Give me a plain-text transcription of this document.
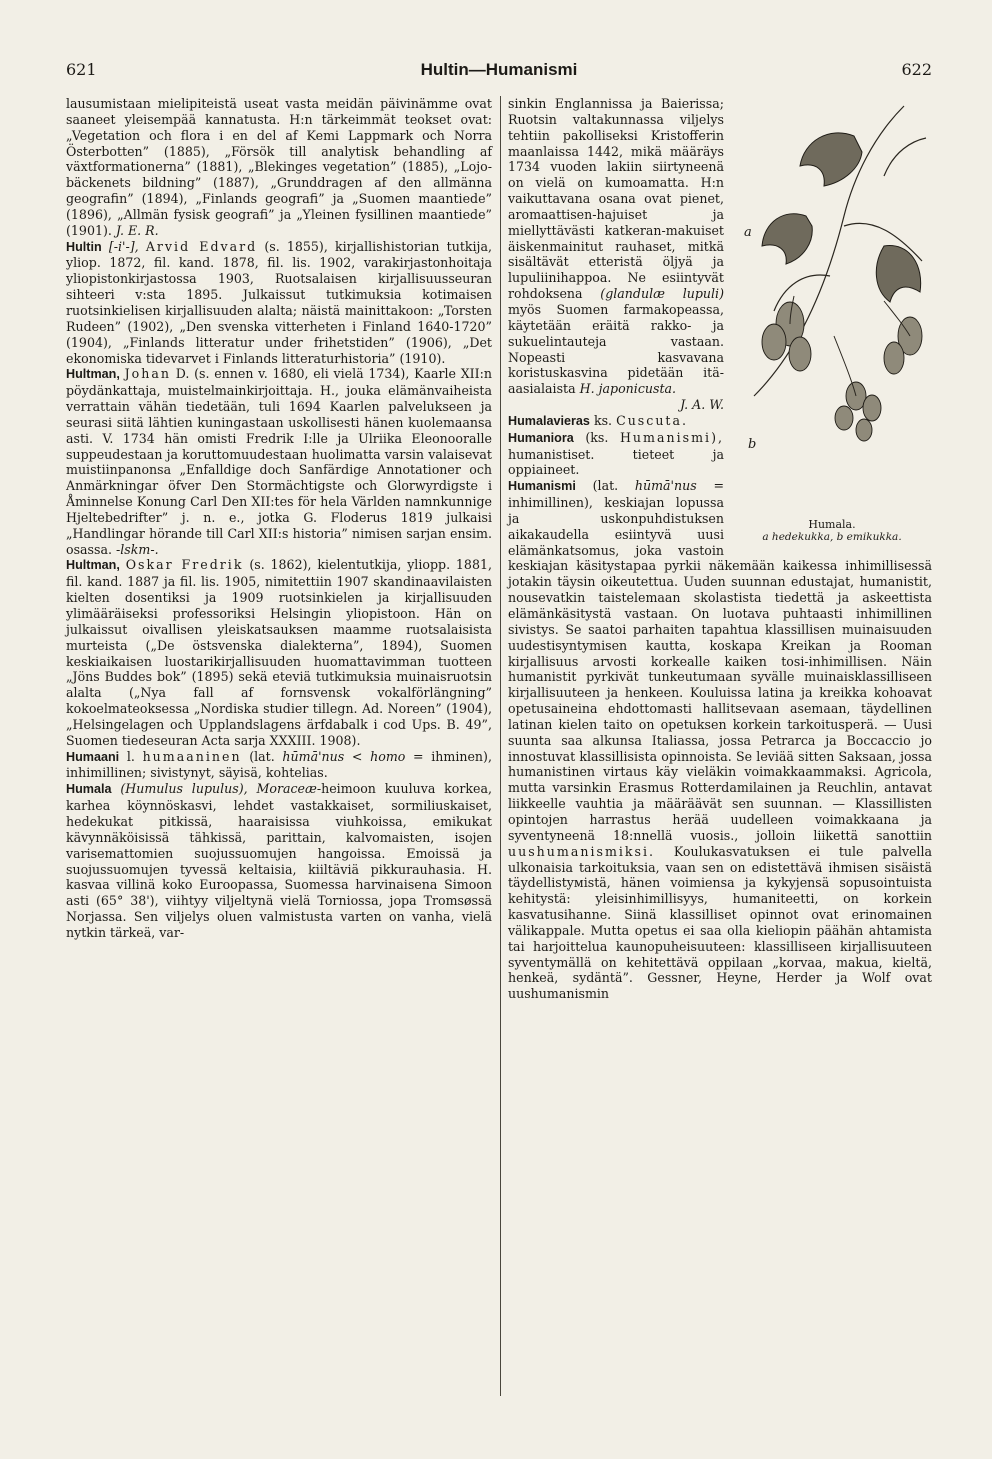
621	Hultin—Humanismi	622

lausumistaan mielipiteistä useat vasta meidän päivinämme ovat saaneet yleisempää kannatusta. H:n tärkeimmät teokset ovat: „Vegetation och flora i en del af Kemi Lappmark och Norra Österbotten” (1885), „Försök till analytisk behandling af växtformationerna” (1881), „Blekinges vegetation” (1885), „Lojo-bäckenets bildning” (1887), „Grunddragen af den allmänna geografin” (1894), „Finlands geografi” ja „Suomen maantiede” (1896), „Allmän fysisk geografi” ja „Yleinen fysillinen maantiede” (1901). J. E. R.

Hultin [-i'-], Arvid Edvard (s. 1855), kirjallishistorian tutkija, ylioр. 1872, fil. kand. 1878, fil. lis. 1902, varakirjastonhoitaja yliopistonkirjastossa 1903, Ruotsalaisen kirjallisuusseuran sihteeri v:sta 1895. Julkaissut tutkimuksia kotimaisen ruotsinkielisen kirjallisuuden alalta; näistä mainittakoon: „Torsten Rudeen” (1902), „Den svenska vitterheten i Finland 1640-1720” (1904), „Finlands litteratur under frihetstiden” (1906), „Det ekonomiska tidevarvet i Finlands litteraturhistoria” (1910).

Hultman, Johan D. (s. ennen v. 1680, eli vielä 1734), Kaarle XII:n pöydänkattaja, muistelmainkirjoittaja. H., jouka elämänvaiheista verrattain vähän tiedetään, tuli 1694 Kaarlen palvelukseen ja seurasi siitä lähtien kuningastaan uskollisesti hänen kuolemaansa asti. V. 1734 hän omisti Fredrik I:lle ja Ulriika Eleonooralle suppeudestaan ja koruttomuudestaan huolimatta varsin valaisevat muistiinpanonsa „Enfalldige doch Sanfärdige Annotationer och Anmärkningar öfver Den Stormächtigste och Glorwyrdigste i Åminnelse Konung Carl Den XII:tes för hela Världen namnkunnige Hjeltebedrifter” j. n. e., jotka G. Floderus 1819 julkaisi „Handlingar hörande till Carl XII:s historia” nimisen sarjan ensim. osassa. -lskm-.

Hultman, Oskar Fredrik (s. 1862), kielentutkija, ylioрр. 1881, fil. kand. 1887 ja fil. lis. 1905, nimitettiin 1907 skandinaavilaisten kielten dosentiksi ja 1909 ruotsinkielen ja kirjallisuuden ylimääräiseksi professoriksi Helsingin yliopistoon. Hän on julkaissut oivallisen yleiskatsauksen maamme ruotsalaisista murteista („De östsvenska dialekterna”, 1894), Suomen keskiaikaisen luostarikirjallisuuden huomattavimman tuotteen „Jöns Buddes bok” (1895) sekä eteviä tutkimuksia muinaisruotsin alalta („Nya fall af fornsvensk vokalförlängning” kokoelmateoksessa „Nordiska studier tillegn. Ad. Noreen” (1904), „Helsingelagen och Upplandslagens ärfdabalk i cod Ups. B. 49”, Suomen tiedeseuran Acta sarja XXXIII. 1908).

Humaani l. humaaninen (lat. hūmā'nus < homo = ihminen), inhimillinen; sivistynyt, säyisä, kohtelias.

Humala (Humulus lupulus), Moraceæ-heimoon kuuluva korkea, karhea köynnöskasvi, lehdet vastakkaiset, sormiliuskaiset, hedekukat pitkissä, haaraisissa viuhkoissa, emikukat kävynnäköisissä tähkissä, parittain, kalvomaisten, isojen varisemattomien suojussuomujen hangoissa. Emoissä ja suojussuomujen tyvessä keltaisia, kiiltäviä pikkurauhasia. H. kasvaa villinä koko Euroopassa, Suomessa harvinaisena Simoon asti (65° 38'), viihtyy viljeltynä vielä Torniossa, jopa Tromsøssä Norjassa. Sen viljelys oluen valmistusta varten on vanha, vielä nytkin tärkeä, var-

a
b
Humala.
a hedekukka, b emikukka.

sinkin Englannissa ja Baierissa; Ruotsin valtakunnassa viljelys tehtiin pakolliseksi Kristofferin maanlaissa 1442, mikä määräys 1734 vuoden lakiin siirtyneenä on vielä on kumoamatta. H:n vaikuttavana osana ovat pienet, aromaattisen-hajuiset ja miellyttävästi katkeran-makuiset äiskenmainitut rauhaset, mitkä sisältävät etteristä öljyä ja lupuliinihappoa. Ne esiintyvät rohdoksena (glandulæ lupuli) myös Suomen farmakopeassa, käytetään eräitä rakko- ja sukuelintauteja vastaan. Nopeasti kasvavana koristuskasvina pidetään itä-aasialaista H. japonicusta.

J. A. W.

Humalavieras ks. Cuscuta.

Humaniora (ks. Humanismi), humanistiset. tieteet ja oppiaineet.

Humanismi (lat. hūmā'nus = inhimillinen), keskiajan lopussa ja uskonpuhdistuksen aikakaudella esiintyvä uusi elämänkatsomus, joka vastoin keskiajan käsitystapaa pyrkii näkemään kaikessa inhimillisessä jotakin täysin oikeutettua. Uuden suunnan edustajat, humanistit, nousevatkin taistelemaan skolastista tiedettä ja askeettista elämänkäsitystä vastaan. On luotava puhtaasti inhimillinen sivistys. Se saatoi parhaiten tapahtua klassillisen muinaisuuden uudestisyntymisen kautta, koskapa Kreikan ja Rooman kirjallisuus arvosti korkealle kaiken tosi-inhimillisen. Näin humanistit pyrkivät tunkeutumaan syvälle muinaisklassilliseen kirjallisuuteen ja henkeen. Kouluissa latina ja kreikka kohoavat opetusaineina ehdottomasti hallitsevaan asemaan, täydellinen latinan kielen taito on opetuksen korkein tarkoitusperä. — Uusi suunta saa alkunsa Italiassa, jossa Petrarca ja Boccaccio jo innostuvat klassillisista opinnoista. Se leviää sitten Saksaan, jossa humanistinen virtaus käy vieläkin voimakkaammaksi. Agricola, mutta varsinkin Erasmus Rotterdamilainen ja Reuchlin, antavat liikkeelle vauhtia ja määräävät sen suunnan. — Klassillisten opintojen harrastus herää uudelleen voimakkaana ja syventyneenä 18:nnellä vuosis., jolloin liikettä sanottiin uushumanismiksi. Koulukasvatuksen ei tule palvella ulkonaisia tarkoituksia, vaan sen on edistettävä ihmisen sisäistä täydellistyмistä, hänen voimiensa ja kykyjensä sopusointuista kehitystä: yleisinhimillisyys, humaniteetti, on korkein kasvatusihanne. Siinä klassilliset opinnot ovat erinomainen välikappale. Mutta opetus ei saa olla kieliopin päähän ahtamista tai harjoittelua kaunopuheisuuteen: klassilliseen kirjallisuuteen syventymällä on kehitettävä oppilaan „korvaa, makua, kieltä, henkeä, sydäntä”. Gessner, Heyne, Herder ja Wolf ovat uushumanismin
